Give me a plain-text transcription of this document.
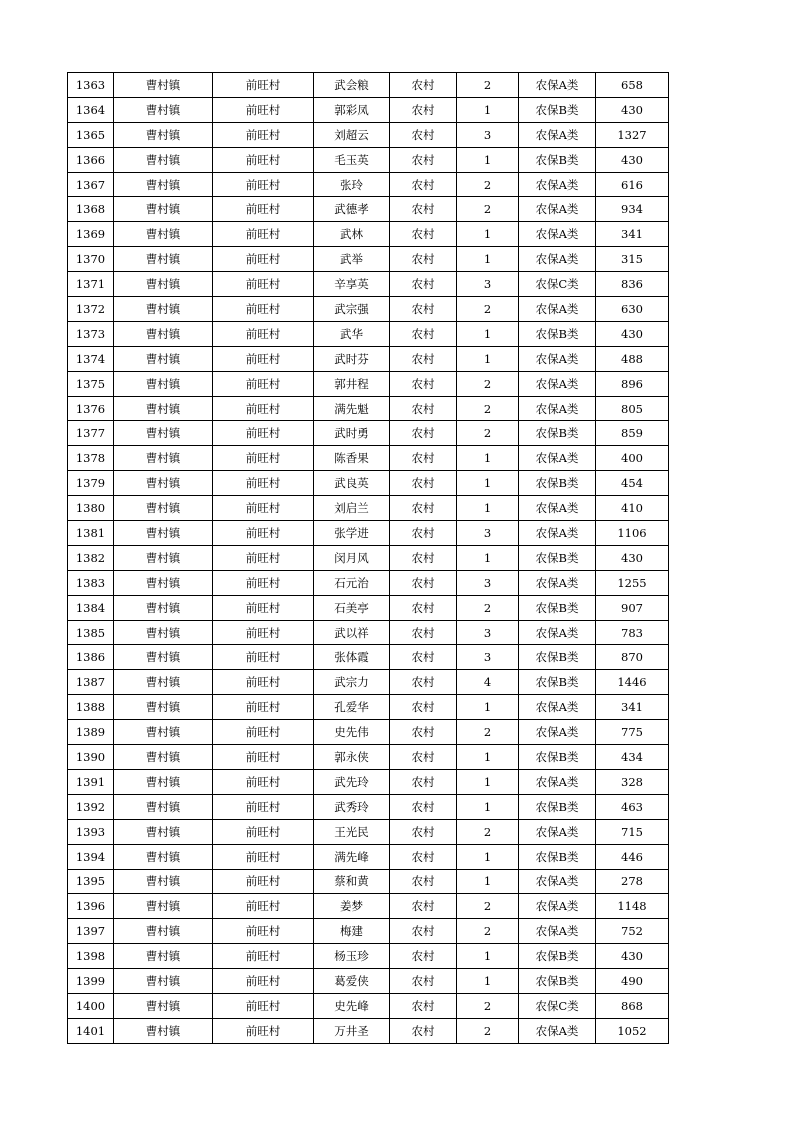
1363	曹村镇	前旺村	武会粮	农村	2	农保A类	658
1364	曹村镇	前旺村	郭彩凤	农村	1	农保B类	430
1365	曹村镇	前旺村	刘超云	农村	3	农保A类	1327
1366	曹村镇	前旺村	毛玉英	农村	1	农保B类	430
1367	曹村镇	前旺村	张玲	农村	2	农保A类	616
1368	曹村镇	前旺村	武德孝	农村	2	农保A类	934
1369	曹村镇	前旺村	武林	农村	1	农保A类	341
1370	曹村镇	前旺村	武举	农村	1	农保A类	315
1371	曹村镇	前旺村	辛享英	农村	3	农保C类	836
1372	曹村镇	前旺村	武宗强	农村	2	农保A类	630
1373	曹村镇	前旺村	武华	农村	1	农保B类	430
1374	曹村镇	前旺村	武时芬	农村	1	农保A类	488
1375	曹村镇	前旺村	郭井程	农村	2	农保A类	896
1376	曹村镇	前旺村	满先魁	农村	2	农保A类	805
1377	曹村镇	前旺村	武时勇	农村	2	农保B类	859
1378	曹村镇	前旺村	陈香果	农村	1	农保A类	400
1379	曹村镇	前旺村	武良英	农村	1	农保B类	454
1380	曹村镇	前旺村	刘启兰	农村	1	农保A类	410
1381	曹村镇	前旺村	张学进	农村	3	农保A类	1106
1382	曹村镇	前旺村	闵月风	农村	1	农保B类	430
1383	曹村镇	前旺村	石元治	农村	3	农保A类	1255
1384	曹村镇	前旺村	石美亭	农村	2	农保B类	907
1385	曹村镇	前旺村	武以祥	农村	3	农保A类	783
1386	曹村镇	前旺村	张体霞	农村	3	农保B类	870
1387	曹村镇	前旺村	武宗力	农村	4	农保B类	1446
1388	曹村镇	前旺村	孔爱华	农村	1	农保A类	341
1389	曹村镇	前旺村	史先伟	农村	2	农保A类	775
1390	曹村镇	前旺村	郭永侠	农村	1	农保B类	434
1391	曹村镇	前旺村	武先玲	农村	1	农保A类	328
1392	曹村镇	前旺村	武秀玲	农村	1	农保B类	463
1393	曹村镇	前旺村	王光民	农村	2	农保A类	715
1394	曹村镇	前旺村	满先峰	农村	1	农保B类	446
1395	曹村镇	前旺村	蔡和黄	农村	1	农保A类	278
1396	曹村镇	前旺村	姜梦	农村	2	农保A类	1148
1397	曹村镇	前旺村	梅建	农村	2	农保A类	752
1398	曹村镇	前旺村	杨玉珍	农村	1	农保B类	430
1399	曹村镇	前旺村	葛爱侠	农村	1	农保B类	490
1400	曹村镇	前旺村	史先峰	农村	2	农保C类	868
1401	曹村镇	前旺村	万井圣	农村	2	农保A类	1052
